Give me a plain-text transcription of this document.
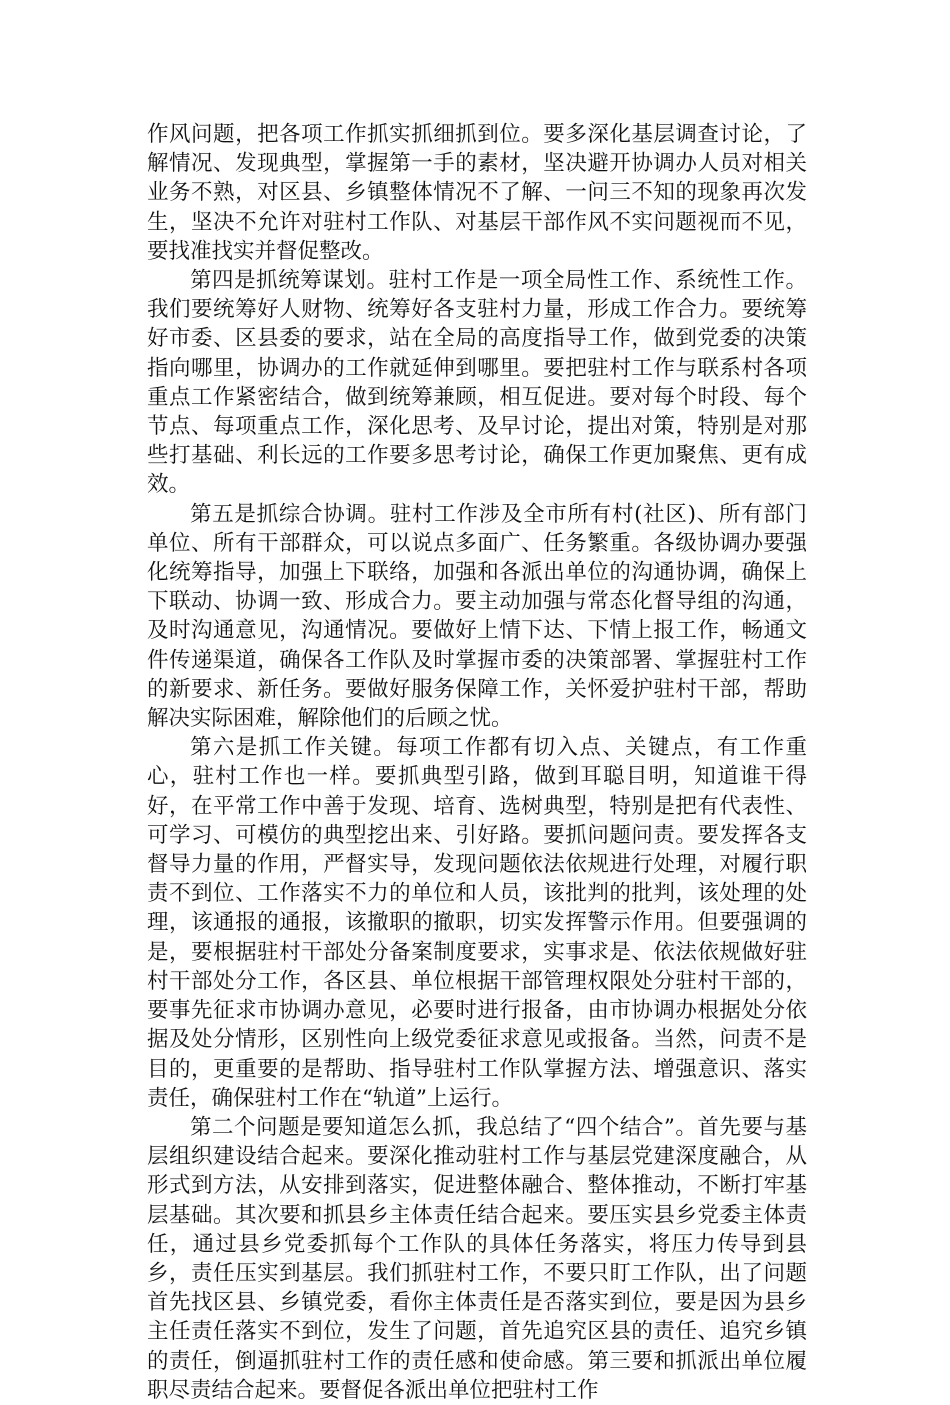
作风问题，把各项工作抓实抓细抓到位。要多深化基层调查讨论，了解情况、发现典型，掌握第一手的素材，坚决避开协调办人员对相关业务不熟，对区县、乡镇整体情况不了解、一问三不知的现象再次发生，坚决不允许对驻村工作队、对基层干部作风不实问题视而不见，要找准找实并督促整改。

第四是抓统筹谋划。驻村工作是一项全局性工作、系统性工作。我们要统筹好人财物、统筹好各支驻村力量，形成工作合力。要统筹好市委、区县委的要求，站在全局的高度指导工作，做到党委的决策指向哪里，协调办的工作就延伸到哪里。要把驻村工作与联系村各项重点工作紧密结合，做到统筹兼顾，相互促进。要对每个时段、每个节点、每项重点工作，深化思考、及早讨论，提出对策，特别是对那些打基础、利长远的工作要多思考讨论，确保工作更加聚焦、更有成效。

第五是抓综合协调。驻村工作涉及全市所有村(社区)、所有部门单位、所有干部群众，可以说点多面广、任务繁重。各级协调办要强化统筹指导，加强上下联络，加强和各派出单位的沟通协调，确保上下联动、协调一致、形成合力。要主动加强与常态化督导组的沟通，及时沟通意见，沟通情况。要做好上情下达、下情上报工作，畅通文件传递渠道，确保各工作队及时掌握市委的决策部署、掌握驻村工作的新要求、新任务。要做好服务保障工作，关怀爱护驻村干部，帮助解决实际困难，解除他们的后顾之忧。

第六是抓工作关键。每项工作都有切入点、关键点，有工作重心，驻村工作也一样。要抓典型引路，做到耳聪目明，知道谁干得好，在平常工作中善于发现、培育、选树典型，特别是把有代表性、可学习、可模仿的典型挖出来、引好路。要抓问题问责。要发挥各支督导力量的作用，严督实导，发现问题依法依规进行处理，对履行职责不到位、工作落实不力的单位和人员，该批判的批判，该处理的处理，该通报的通报，该撤职的撤职，切实发挥警示作用。但要强调的是，要根据驻村干部处分备案制度要求，实事求是、依法依规做好驻村干部处分工作，各区县、单位根据干部管理权限处分驻村干部的，要事先征求市协调办意见，必要时进行报备，由市协调办根据处分依据及处分情形，区别性向上级党委征求意见或报备。当然，问责不是目的，更重要的是帮助、指导驻村工作队掌握方法、增强意识、落实责任，确保驻村工作在“轨道”上运行。

第二个问题是要知道怎么抓，我总结了“四个结合”。首先要与基层组织建设结合起来。要深化推动驻村工作与基层党建深度融合，从形式到方法，从安排到落实，促进整体融合、整体推动，不断打牢基层基础。其次要和抓县乡主体责任结合起来。要压实县乡党委主体责任，通过县乡党委抓每个工作队的具体任务落实，将压力传导到县乡，责任压实到基层。我们抓驻村工作，不要只盯工作队，出了问题首先找区县、乡镇党委，看你主体责任是否落实到位，要是因为县乡主任责任落实不到位，发生了问题，首先追究区县的责任、追究乡镇的责任，倒逼抓驻村工作的责任感和使命感。第三要和抓派出单位履职尽责结合起来。要督促各派出单位把驻村工作
